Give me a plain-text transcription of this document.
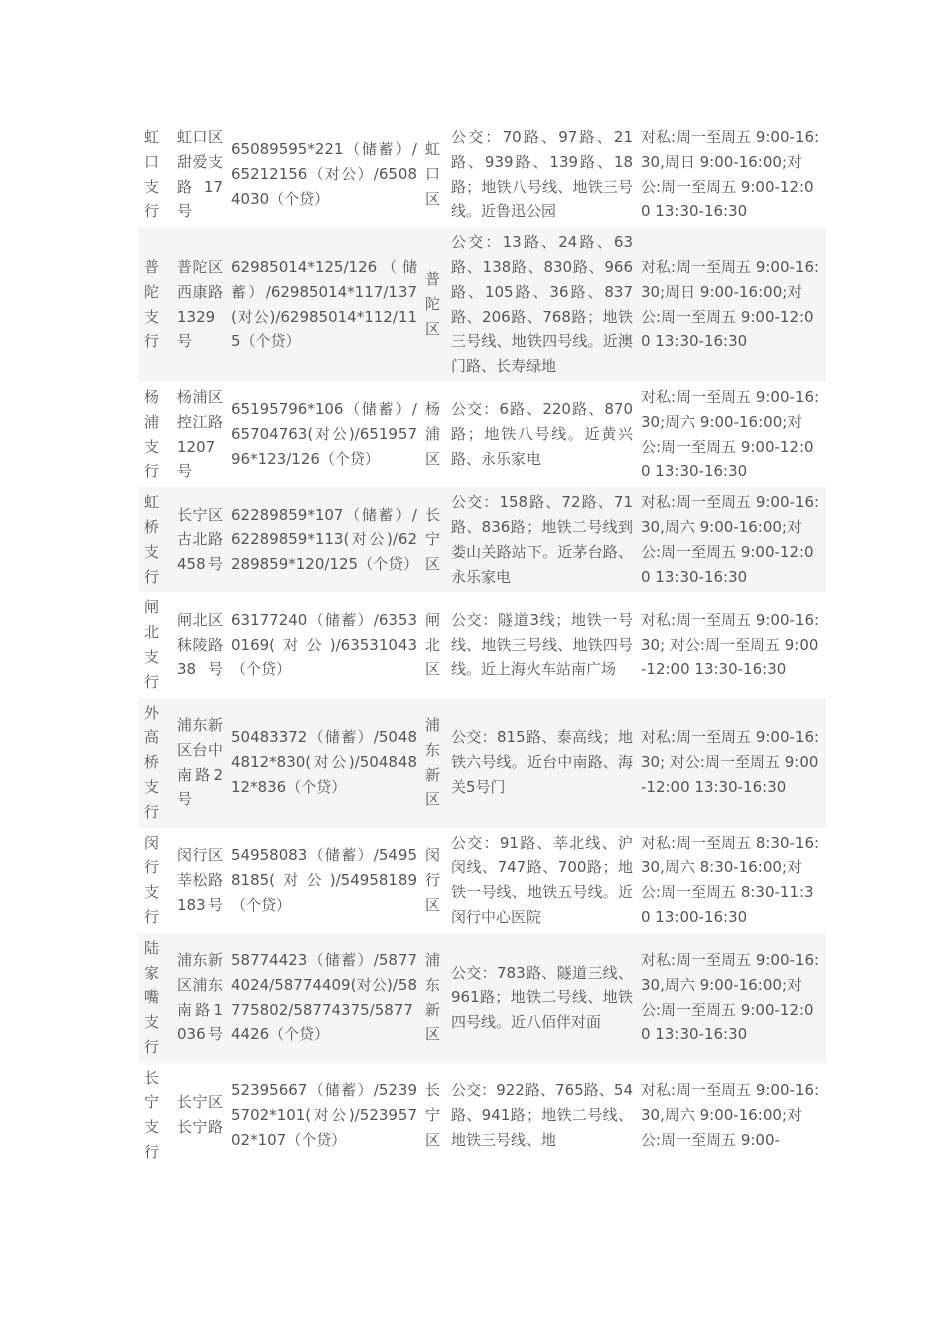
虹口支行	虹口区甜爱支路17号	65089595*221（储蓄）/65212156（对公）/65084030（个贷）	虹口区	公交：70路、97路、21路、939路、139路、18路；地铁八号线、地铁三号线。近鲁迅公园	对私:周一至周五 9:00-16:30,周日 9:00-16:00;对公:周一至周五 9:00-12:00 13:30-16:30
普陀支行	普陀区西康路1329号	62985014*125/126（储蓄）/62985014*117/137(对公)/62985014*112/115（个贷）	普陀区	公交：13路、24路、63路、138路、830路、966路、105路、36路、837路、206路、768路；地铁三号线、地铁四号线。近澳门路、长寿绿地	对私:周一至周五 9:00-16:30;周日 9:00-16:00;对公:周一至周五 9:00-12:00 13:30-16:30
杨浦支行	杨浦区控江路1207号	65195796*106（储蓄）/65704763(对公)/65195796*123/126（个贷）	杨浦区	公交：6路、220路、870路；地铁八号线。近黄兴路、永乐家电	对私:周一至周五 9:00-16:30;周六 9:00-16:00;对公:周一至周五 9:00-12:00 13:30-16:30
虹桥支行	长宁区古北路458号	62289859*107（储蓄）/62289859*113(对公)/62289859*120/125（个贷）	长宁区	公交：158路、72路、71路、836路；地铁二号线到娄山关路站下。近茅台路、永乐家电	对私:周一至周五 9:00-16:30,周六 9:00-16:00;对公:周一至周五 9:00-12:00 13:30-16:30
闸北支行	闸北区秣陵路38号	63177240（储蓄）/63530169(对公)/63531043（个贷）	闸北区	公交：隧道3线；地铁一号线、地铁三号线、地铁四号线。近上海火车站南广场	对私:周一至周五 9:00-16:30; 对公:周一至周五 9:00-12:00 13:30-16:30
外高桥支行	浦东新区台中南路2号	50483372（储蓄）/50484812*830(对公)/50484812*836（个贷）	浦东新区	公交：815路、泰高线；地铁六号线。近台中南路、海关5号门	对私:周一至周五 9:00-16:30; 对公:周一至周五 9:00-12:00 13:30-16:30
闵行支行	闵行区莘松路183号	54958083（储蓄）/54958185(对公)/54958189（个贷）	闵行区	公交：91路、莘北线、沪闵线、747路、700路；地铁一号线、地铁五号线。近闵行中心医院	对私:周一至周五 8:30-16:30,周六 8:30-16:00;对公:周一至周五 8:30-11:30 13:00-16:30
陆家嘴支行	浦东新区浦东南路1036号	58774423（储蓄）/58774024/58774409(对公)/58775802/58774375/58774426（个贷）	浦东新区	公交：783路、隧道三线、961路；地铁二号线、地铁四号线。近八佰伴对面	对私:周一至周五 9:00-16:30,周六 9:00-16:00;对公:周一至周五 9:00-12:00 13:30-16:30
长宁支行	长宁区长宁路	52395667（储蓄）/52395702*101(对公)/52395702*107（个贷）	长宁区	公交：922路、765路、54路、941路；地铁二号线、地铁三号线、地	对私:周一至周五 9:00-16:30,周六 9:00-16:00;对公:周一至周五 9:00-
